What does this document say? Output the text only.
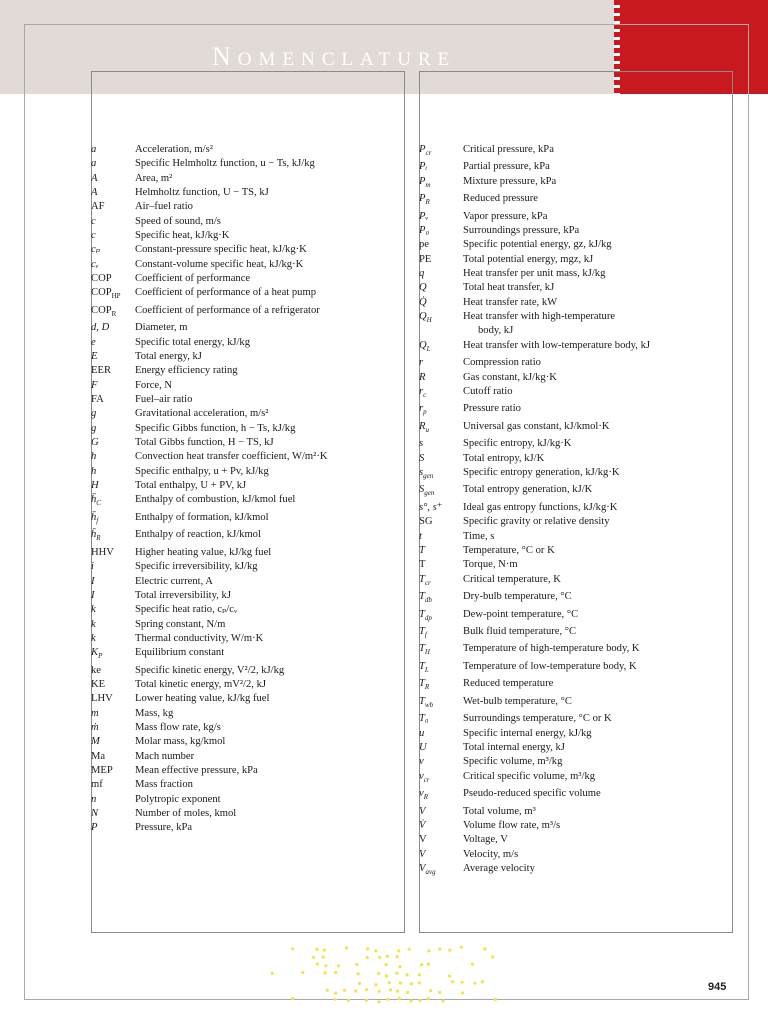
NOMENCLATURE
a	Acceleration, m/s²
a	Specific Helmholtz function, u − Ts, kJ/kg
A	Area, m²
A	Helmholtz function, U − TS, kJ
AF	Air–fuel ratio
c	Speed of sound, m/s
c	Specific heat, kJ/kg·K
cₚ	Constant-pressure specific heat, kJ/kg·K
cᵥ	Constant-volume specific heat, kJ/kg·K
COP	Coefficient of performance
$COP_{HP}$	Coefficient of performance of a heat pump
$COP_R$	Coefficient of performance of a refrigerator
d, D	Diameter, m
e	Specific total energy, kJ/kg
E	Total energy, kJ
EER	Energy efficiency rating
F	Force, N
FA	Fuel–air ratio
g	Gravitational acceleration, m/s²
g	Specific Gibbs function, h − Ts, kJ/kg
G	Total Gibbs function, H − TS, kJ
h	Convection heat transfer coefficient, W/m²·K
h	Specific enthalpy, u + Pv, kJ/kg
H	Total enthalpy, U + PV, kJ
$h̄_C$	Enthalpy of combustion, kJ/kmol fuel
$h̄_f$	Enthalpy of formation, kJ/kmol
$h̄_R$	Enthalpy of reaction, kJ/kmol
HHV	Higher heating value, kJ/kg fuel
i	Specific irreversibility, kJ/kg
I	Electric current, A
I	Total irreversibility, kJ
k	Specific heat ratio, cₚ/cᵥ
k	Spring constant, N/m
k	Thermal conductivity, W/m·K
$K_P$	Equilibrium constant
ke	Specific kinetic energy, V²/2, kJ/kg
KE	Total kinetic energy, mV²/2, kJ
LHV	Lower heating value, kJ/kg fuel
m	Mass, kg
ṁ	Mass flow rate, kg/s
M	Molar mass, kg/kmol
Ma	Mach number
MEP	Mean effective pressure, kPa
mf	Mass fraction
n	Polytropic exponent
N	Number of moles, kmol
P	Pressure, kPa
$P_{cr}$	Critical pressure, kPa
Pᵢ	Partial pressure, kPa
$P_m$	Mixture pressure, kPa
$P_R$	Reduced pressure
Pᵥ	Vapor pressure, kPa
P₀	Surroundings pressure, kPa
pe	Specific potential energy, gz, kJ/kg
PE	Total potential energy, mgz, kJ
q	Heat transfer per unit mass, kJ/kg
Q	Total heat transfer, kJ
Q̇	Heat transfer rate, kW
$Q_H$	Heat transfer with high-temperature
body, kJ
$Q_L$	Heat transfer with low-temperature body, kJ
r	Compression ratio
R	Gas constant, kJ/kg·K
$r_c$	Cutoff ratio
$r_p$	Pressure ratio
$R_u$	Universal gas constant, kJ/kmol·K
s	Specific entropy, kJ/kg·K
S	Total entropy, kJ/K
$s_{gen}$	Specific entropy generation, kJ/kg·K
$S_{gen}$	Total entropy generation, kJ/K
s°, s⁺	Ideal gas entropy functions, kJ/kg·K
SG	Specific gravity or relative density
t	Time, s
T	Temperature, °C or K
T	Torque, N·m
$T_{cr}$	Critical temperature, K
$T_{db}$	Dry-bulb temperature, °C
$T_{dp}$	Dew-point temperature, °C
$T_f$	Bulk fluid temperature, °C
$T_H$	Temperature of high-temperature body, K
$T_L$	Temperature of low-temperature body, K
$T_R$	Reduced temperature
$T_{wb}$	Wet-bulb temperature, °C
T₀	Surroundings temperature, °C or K
u	Specific internal energy, kJ/kg
U	Total internal energy, kJ
v	Specific volume, m³/kg
$v_{cr}$	Critical specific volume, m³/kg
$v_R$	Pseudo-reduced specific volume
V	Total volume, m³
V̇	Volume flow rate, m³/s
V	Voltage, V
V	Velocity, m/s
$V_{avg}$	Average velocity
945
